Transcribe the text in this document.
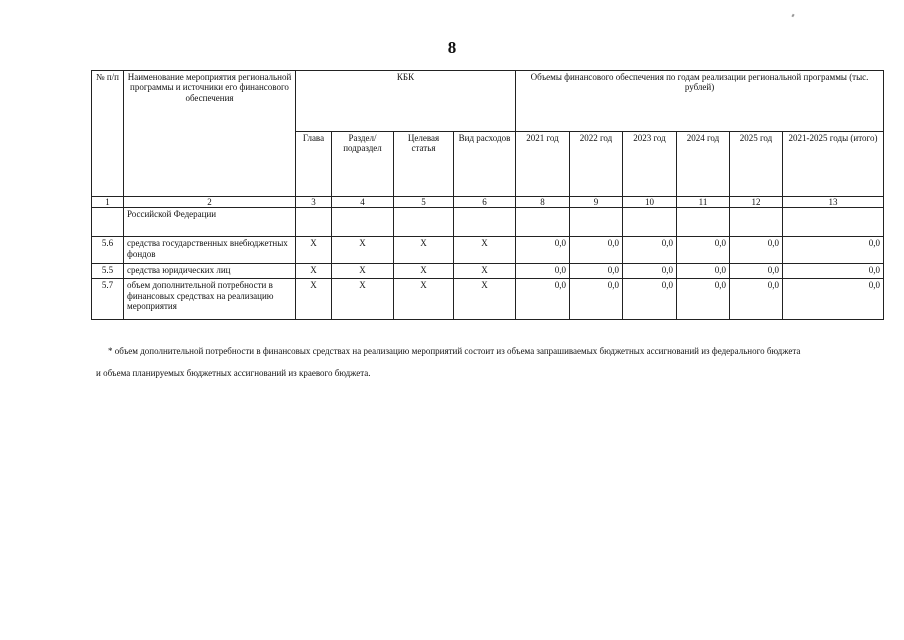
8
№ п/п	Наименование мероприятия региональной программы и источники его финансового обеспечения	КБК				Объемы финансового обеспечения по годам реализации региональной программы (тыс. рублей)					
		Глава	Раздел/ подраздел	Целевая статья	Вид расходов	2021 год	2022 год	2023 год	2024 год	2025 год	2021-2025 годы (итого)
1	2	3	4	5	6	8	9	10	11	12	13
	Российской Федерации										
5.6	средства государственных внебюджетных фондов	Х	Х	Х	Х	0,0	0,0	0,0	0,0	0,0	0,0
5.5	средства юридических лиц	Х	Х	Х	Х	0,0	0,0	0,0	0,0	0,0	0,0
5.7	объем дополнительной потребности в финансовых средствах на реализацию мероприятия	Х	Х	Х	Х	0,0	0,0	0,0	0,0	0,0	0,0

* объем дополнительной потребности в финансовых средствах на реализацию мероприятий состоит из объема запрашиваемых бюджетных ассигнований из федерального бюджета

и объема планируемых бюджетных ассигнований из краевого бюджета.
